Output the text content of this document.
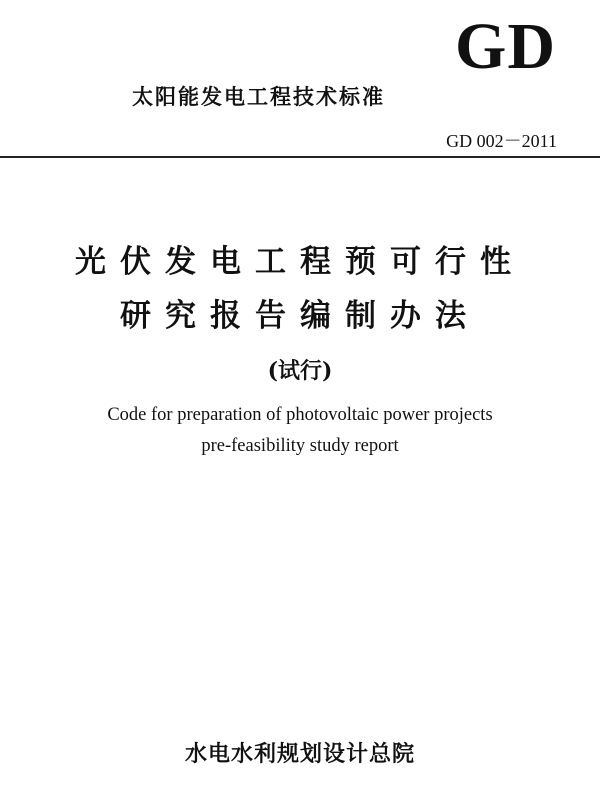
太阳能发电工程技术标准
GD
GD 002－2011
光伏发电工程预可行性
研究报告编制办法
(试行)
Code for preparation of photovoltaic power projects
pre-feasibility study report
水电水利规划设计总院
